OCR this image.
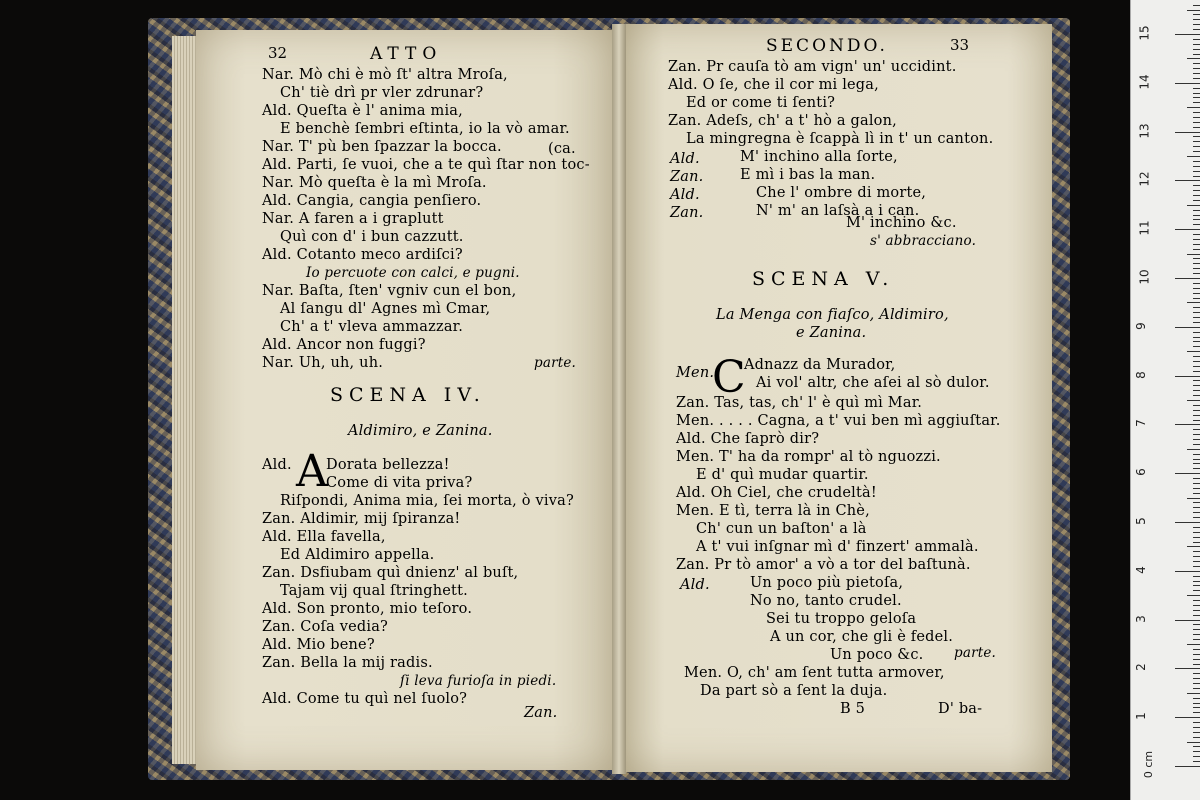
32	ATTO
Nar. Mò chi è mò ſt' altra Mroſa,
Ch' tiè drì pr vler zdrunar?
Ald. Queſta è l' anima mia,
E benchè ſembri eſtinta, io la vò amar.
Nar. T' pù ben ſpazzar la bocca.	(ca.
Ald. Parti, ſe vuoi, che a te quì ſtar non toc-
Nar. Mò queſta è la mì Mroſa.
Ald. Cangia, cangia penſiero.
Nar. A faren a i graplutt
Quì con d' i bun cazzutt.
Ald. Cotanto meco ardiſci?
Io percuote con calci, e pugni.
Nar. Baſta, ſten' vgniv cun el bon,
Al ſangu dl' Agnes mì Cmar,
Ch' a t' vleva ammazzar.
Ald. Ancor non fuggi?
Nar. Uh, uh, uh.	parte.
SCENA IV.
Aldimiro, e Zanina.
Ald. A
Dorata bellezza!
Come di vita priva?
Riſpondi, Anima mia, ſei morta, ò viva?
Zan. Aldimir, mij ſpiranza!
Ald. Ella favella,
Ed Aldimiro appella.
Zan. Dsfiubam quì dnienz' al buſt,
Tajam vij qual ſtringhett.
Ald. Son pronto, mio teſoro.
Zan. Coſa vedia?
Ald. Mio bene?
Zan. Bella la mij radis.
ſi leva furioſa in piedi.
Ald. Come tu quì nel ſuolo?
Zan.
SECONDO.	33
Zan. Pr cauſa tò am vign' un' uccidint.
Ald. O ſe, che il cor mi lega,
Ed or come ti ſenti?
Zan. Adeſs, ch' a t' hò a galon,
La mingregna è ſcappà lì in t' un canton.
Ald.	M' inchino alla ſorte,
Zan.	E mì i bas la man.
Ald.	Che l' ombre di morte,
Zan.	N' m' an laſsà a i can.
M' inchino &c.
s' abbracciano.
SCENA V.
La Menga con fiaſco, Aldimiro,
e Zanina.
Men.
C
Adnazz da Murador,
Ai vol' altr, che aſei al sò dulor.
Zan. Tas, tas, ch' l' è quì mì Mar.
Men. . . . . Cagna, a t' vui ben mì aggiuſtar.
Ald. Che ſaprò dir?
Men. T' ha da rompr' al tò nguozzi.
E d' quì mudar quartir.
Ald. Oh Ciel, che crudeltà!
Men. E tì, terra là in Chè,
Ch' cun un baſton' a là
A t' vui inſgnar mì d' finzert' ammalà.
Zan. Pr tò amor' a vò a tor del baſtunà.
Ald.	Un poco più pietoſa,
No no, tanto crudel.
Sei tu troppo geloſa
A un cor, che gli è fedel.
Un poco &c. parte.
Men. O, ch' am ſent tutta armover,
Da part sò a ſent la duja.
B 5	D' ba-
0 cm
1
2
3
4
5
6
7
8
9
10
11
12
13
14
15
